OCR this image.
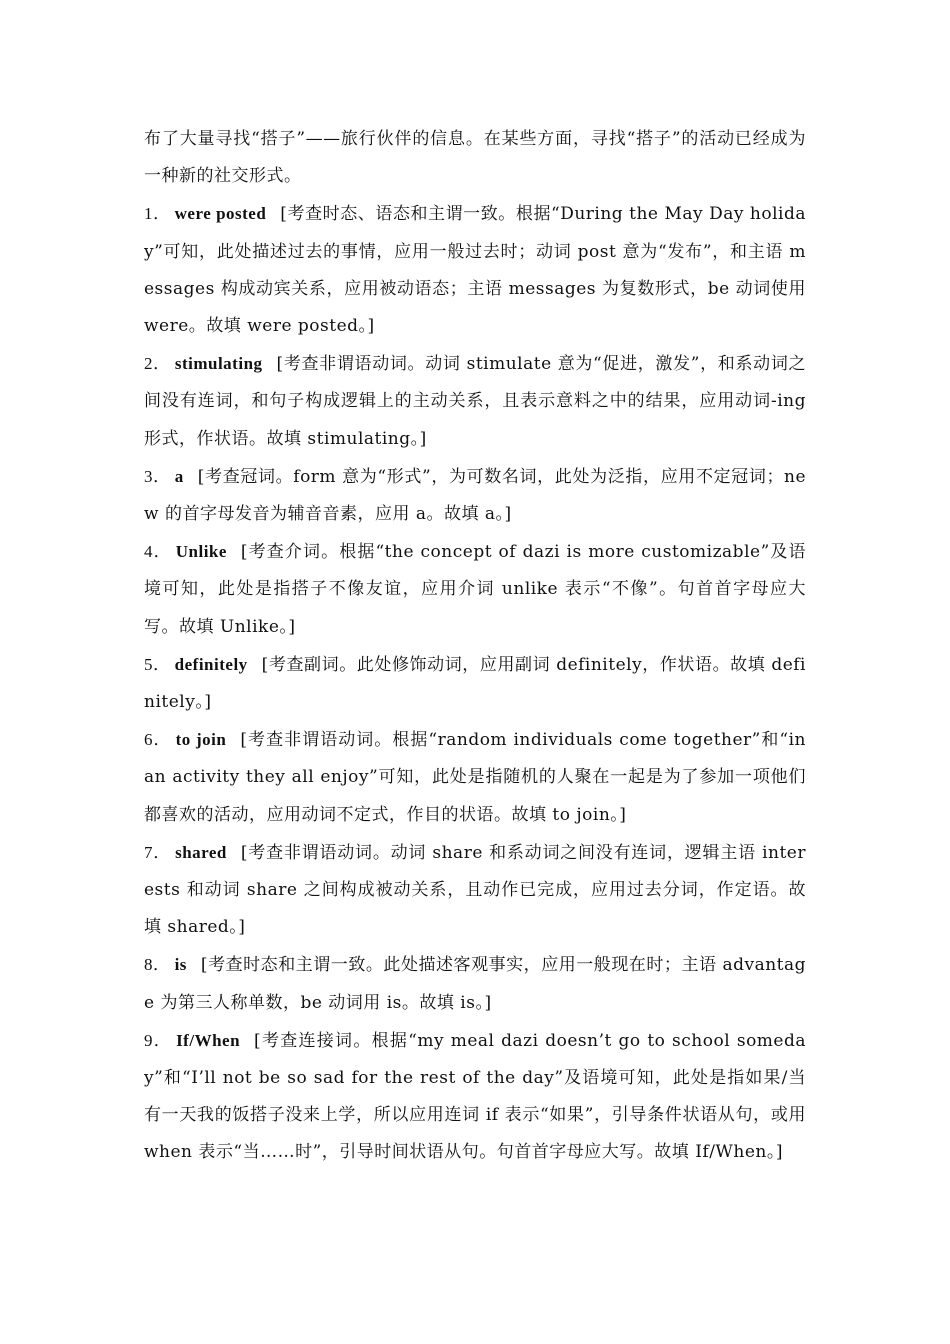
布了大量寻找“搭子”——旅行伙伴的信息。在某些方面，寻找“搭子”的活动已经成为一种新的社交形式。

1． were posted [考查时态、语态和主谓一致。根据“During the May Day holiday”可知，此处描述过去的事情，应用一般过去时；动词 post 意为“发布”，和主语 messages 构成动宾关系，应用被动语态；主语 messages 为复数形式，be 动词使用 were。故填 were posted。]

2． stimulating [考查非谓语动词。动词 stimulate 意为“促进，激发”，和系动词之间没有连词，和句子构成逻辑上的主动关系，且表示意料之中的结果，应用动词-ing 形式，作状语。故填 stimulating。]

3． a [考查冠词。form 意为“形式”，为可数名词，此处为泛指，应用不定冠词；new 的首字母发音为辅音音素，应用 a。故填 a。]

4． Unlike [考查介词。根据“the concept of dazi is more customizable”及语境可知，此处是指搭子不像友谊，应用介词 unlike 表示“不像”。句首首字母应大写。故填 Unlike。]

5． definitely [考查副词。此处修饰动词，应用副词 definitely，作状语。故填 definitely。]

6． to join [考查非谓语动词。根据“random individuals come together”和“in an activity they all enjoy”可知，此处是指随机的人聚在一起是为了参加一项他们都喜欢的活动，应用动词不定式，作目的状语。故填 to join。]

7． shared [考查非谓语动词。动词 share 和系动词之间没有连词，逻辑主语 interests 和动词 share 之间构成被动关系，且动作已完成，应用过去分词，作定语。故填 shared。]

8． is [考查时态和主谓一致。此处描述客观事实，应用一般现在时；主语 advantage 为第三人称单数，be 动词用 is。故填 is。]

9． If/When [考查连接词。根据“my meal dazi doesn’t go to school someday”和“I’ll not be so sad for the rest of the day”及语境可知，此处是指如果/当有一天我的饭搭子没来上学，所以应用连词 if 表示“如果”，引导条件状语从句，或用 when 表示“当……时”，引导时间状语从句。句首首字母应大写。故填 If/When。]
